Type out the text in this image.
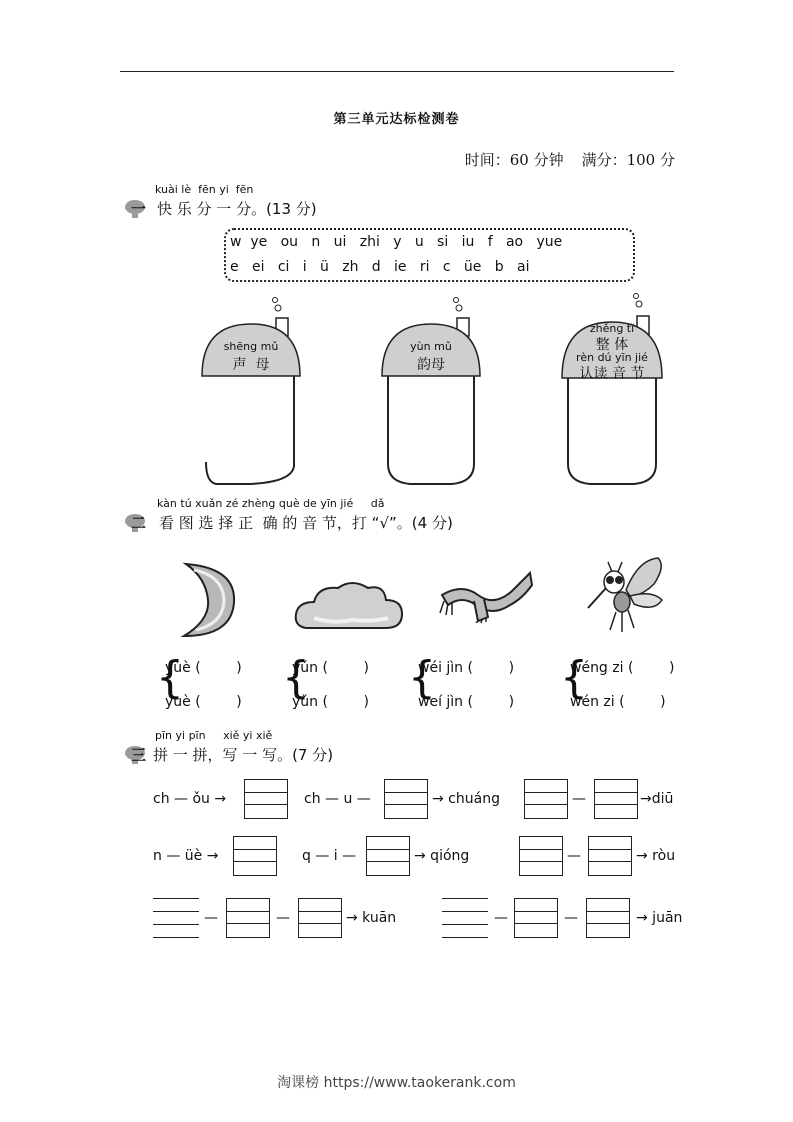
第三单元达标检测卷
时间：60 分钟 满分：100 分
一
kuài lè  fēn yi  fēn
快 乐 分 一 分。(13 分)
w  ye   ou   n   ui   zhi   y   u   si   iu   f   ao   yue
e   ei   ci   i   ü   zh   d   ie   ri   c   üe   b   ai
shēng mǔ
声  母
yùn mǔ
韵母
zhěng tǐ
整 体
rèn dú yīn jié
认读 音 节
二
kàn tú xuǎn zé zhèng què de yīn jié     dǎ
看 图 选 择 正  确 的 音 节，打 “√”。(4 分)
{
yùè (        )
yuè (        ) {
yún (        )
yǔn (        ) {
wéi jìn (        )
weí jìn (        ) {
wéng zi (        )
wén zi (        )
三
pīn yi pīn     xiě yi xiě
拼 一 拼，写 一 写。(7 分)
ch — ǒu →	ch — u —	→ chuáng	—	→diū
n — üè →	q — i —	→ qióng	—	→ ròu
—	—	→ kuān	—	—	→ juān
淘课榜 https://www.taokerank.com
